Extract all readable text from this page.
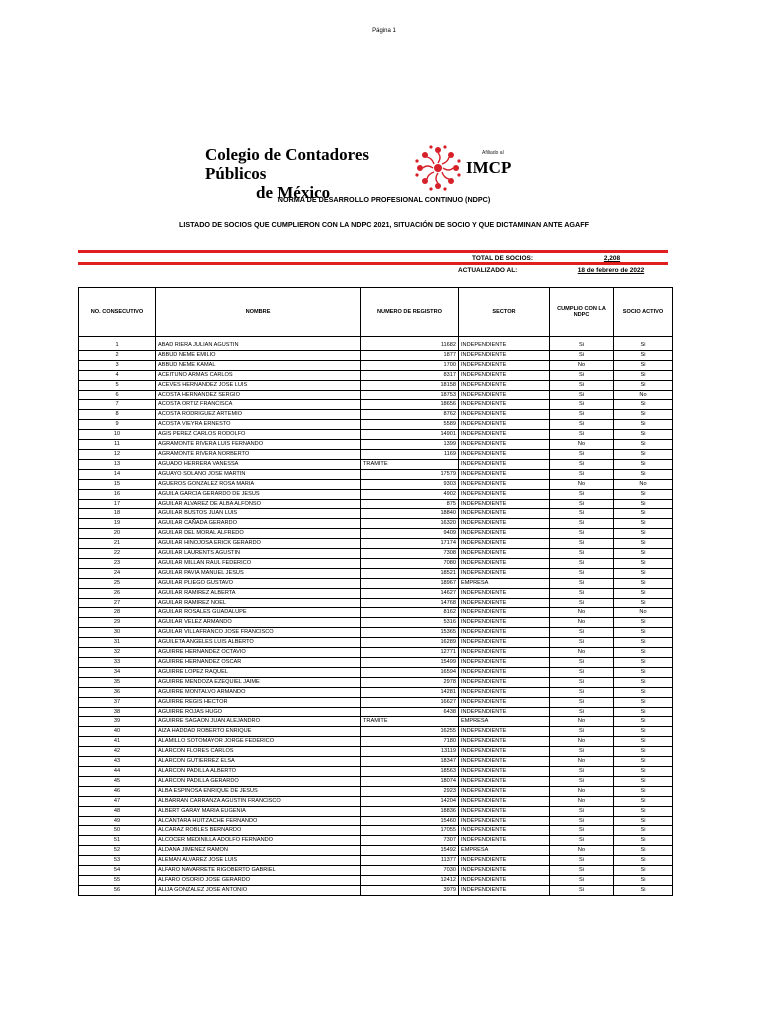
Página 1
Colegio de Contadores Públicos
de México
Afiliado al
IMCP
NORMA DE DESARROLLO PROFESIONAL CONTINUO (NDPC)
LISTADO DE SOCIOS QUE CUMPLIERON CON LA NDPC 2021, SITUACIÓN DE SOCIO Y QUE DICTAMINAN ANTE AGAFF
TOTAL DE SOCIOS:	2,208
ACTUALIZADO AL:	18 de febrero de 2022
NO. CONSECUTIVO	NOMBRE	NUMERO DE REGISTRO	SECTOR	CUMPLIO CON LA NDPC	SOCIO ACTIVO

1	ABAD RIERA JULIAN AGUSTIN	11682	INDEPENDIENTE	Si	Si
2	ABBUD NEME EMILIO	1877	INDEPENDIENTE	Si	Si
3	ABBUD NEME KAMAL	1700	INDEPENDIENTE	No	Si
4	ACEITUNO ARMAS CARLOS	8317	INDEPENDIENTE	Si	Si
5	ACEVES HERNANDEZ JOSE LUIS	18158	INDEPENDIENTE	Si	Si
6	ACOSTA HERNANDEZ SERGIO	18753	INDEPENDIENTE	Si	No
7	ACOSTA ORTIZ FRANCISCA	18656	INDEPENDIENTE	Si	Si
8	ACOSTA RODRIGUEZ ARTEMIO	8762	INDEPENDIENTE	Si	Si
9	ACOSTA VIEYRA ERNESTO	5589	INDEPENDIENTE	Si	Si
10	AGIS PEREZ CARLOS RODOLFO	14901	INDEPENDIENTE	Si	Si
11	AGRAMONTE RIVERA LUIS FERNANDO	1399	INDEPENDIENTE	No	Si
12	AGRAMONTE RIVERA NORBERTO	1169	INDEPENDIENTE	Si	Si
13	AGUADO HERRERA VANESSA	TRAMITE	INDEPENDIENTE	Si	Si
14	AGUAYO SOLANO JOSE MARTIN	17579	INDEPENDIENTE	Si	Si
15	AGUEROS GONZALEZ ROSA MARIA	9303	INDEPENDIENTE	No	No
16	AGUILA GARCIA GERARDO DE JESUS	4902	INDEPENDIENTE	Si	Si
17	AGUILAR ALVAREZ DE ALBA ALFONSO	875	INDEPENDIENTE	Si	Si
18	AGUILAR BUSTOS JUAN LUIS	18840	INDEPENDIENTE	Si	Si
19	AGUILAR CAÑADA GERARDO	16320	INDEPENDIENTE	Si	Si
20	AGUILAR DEL MORAL ALFREDO	9409	INDEPENDIENTE	Si	Si
21	AGUILAR HINOJOSA ERICK GERARDO	17174	INDEPENDIENTE	Si	Si
22	AGUILAR LAURENTS AGUSTIN	7308	INDEPENDIENTE	Si	Si
23	AGUILAR MILLAN RAUL FEDERICO	7080	INDEPENDIENTE	Si	Si
24	AGUILAR PAVIA MANUEL JESUS	18521	INDEPENDIENTE	Si	Si
25	AGUILAR PLIEGO GUSTAVO	18967	EMPRESA	Si	Si
26	AGUILAR RAMIREZ ALBERTA	14627	INDEPENDIENTE	Si	Si
27	AGUILAR RAMIREZ NOEL	14768	INDEPENDIENTE	Si	Si
28	AGUILAR ROSALES GUADALUPE	8162	INDEPENDIENTE	No	No
29	AGUILAR VELEZ ARMANDO	5316	INDEPENDIENTE	No	Si
30	AGUILAR VILLAFRANCO JOSE FRANCISCO	15365	INDEPENDIENTE	Si	Si
31	AGUILETA ANGELES LUIS ALBERTO	16289	INDEPENDIENTE	Si	Si
32	AGUIRRE HERNANDEZ OCTAVIO	12771	INDEPENDIENTE	No	Si
33	AGUIRRE HERNANDEZ OSCAR	15499	INDEPENDIENTE	Si	Si
34	AGUIRRE LOPEZ RAQUEL	16594	INDEPENDIENTE	Si	Si
35	AGUIRRE MENDOZA EZEQUIEL JAIME	2978	INDEPENDIENTE	Si	Si
36	AGUIRRE MONTALVO ARMANDO	14281	INDEPENDIENTE	Si	Si
37	AGUIRRE REGIS HECTOR	16627	INDEPENDIENTE	Si	Si
38	AGUIRRE ROJAS HUGO	6438	INDEPENDIENTE	Si	Si
39	AGUIRRE SAGAON JUAN ALEJANDRO	TRAMITE	EMPRESA	No	Si
40	AIZA HADDAD ROBERTO ENRIQUE	16255	INDEPENDIENTE	Si	Si
41	ALAMILLO SOTOMAYOR JORGE FEDERICO	7180	INDEPENDIENTE	No	Si
42	ALARCON FLORES CARLOS	13119	INDEPENDIENTE	Si	Si
43	ALARCON GUTIERREZ ELSA	18347	INDEPENDIENTE	No	Si
44	ALARCON PADILLA ALBERTO	18563	INDEPENDIENTE	Si	Si
45	ALARCON PADILLA GERARDO	18074	INDEPENDIENTE	Si	Si
46	ALBA ESPINOSA ENRIQUE DE JESUS	2923	INDEPENDIENTE	No	Si
47	ALBARRAN CARRANZA AGUSTIN FRANCISCO	14204	INDEPENDIENTE	No	Si
48	ALBERT GARAY MARIA EUGENIA	18836	INDEPENDIENTE	Si	Si
49	ALCANTARA HUITZACHE FERNANDO	15460	INDEPENDIENTE	Si	Si
50	ALCARAZ ROBLES BERNARDO	17055	INDEPENDIENTE	Si	Si
51	ALCOCER MEDINILLA ADOLFO FERNANDO	7307	INDEPENDIENTE	Si	Si
52	ALDANA JIMENEZ RAMON	15492	EMPRESA	No	Si
53	ALEMAN ALVAREZ JOSE LUIS	11377	INDEPENDIENTE	Si	Si
54	ALFARO NAVARRETE RIGOBERTO GABRIEL	7030	INDEPENDIENTE	Si	Si
55	ALFARO OSORIO JOSE GERARDO	12412	INDEPENDIENTE	Si	Si
56	ALIJA GONZALEZ JOSE ANTONIO	3979	INDEPENDIENTE	Si	Si
